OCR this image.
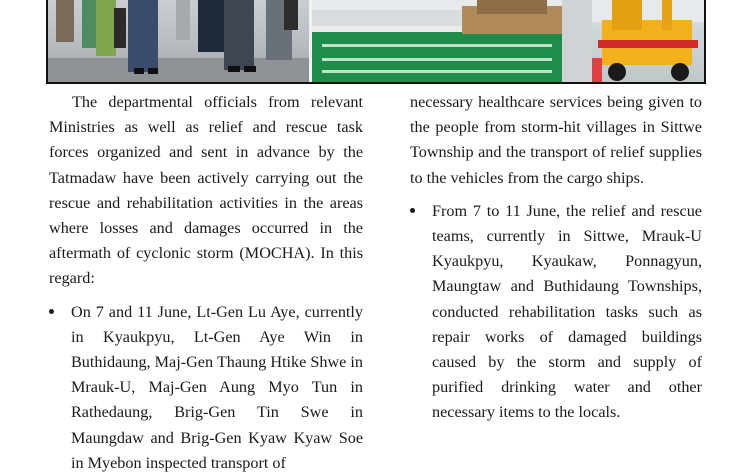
The departmental officials from relevant Ministries as well as relief and rescue task forces organized and sent in advance by the Tatmadaw have been actively carrying out the rescue and rehabilitation activities in the areas where losses and damages occurred in the aftermath of cyclonic storm (MOCHA). In this regard:

On 7 and 11 June, Lt-Gen Lu Aye, currently in Kyaukpyu, Lt-Gen Aye Win in Buthidaung, Maj-Gen Thaung Htike Shwe in Mrauk-U, Maj-Gen Aung Myo Tun in Rathedaung, Brig-Gen Tin Swe in Maungdaw and Brig-Gen Kyaw Kyaw Soe in Myebon inspected transport of

necessary healthcare services being given to the people from storm-hit villages in Sittwe Township and the transport of relief supplies to the vehicles from the cargo ships.

From 7 to 11 June, the relief and rescue teams, currently in Sittwe, Mrauk-U Kyaukpyu, Kyaukaw, Ponnagyun, Maungtaw and Buthidaung Townships, conducted rehabilitation tasks such as repair works of damaged buildings caused by the storm and supply of purified drinking water and other necessary items to the locals.
